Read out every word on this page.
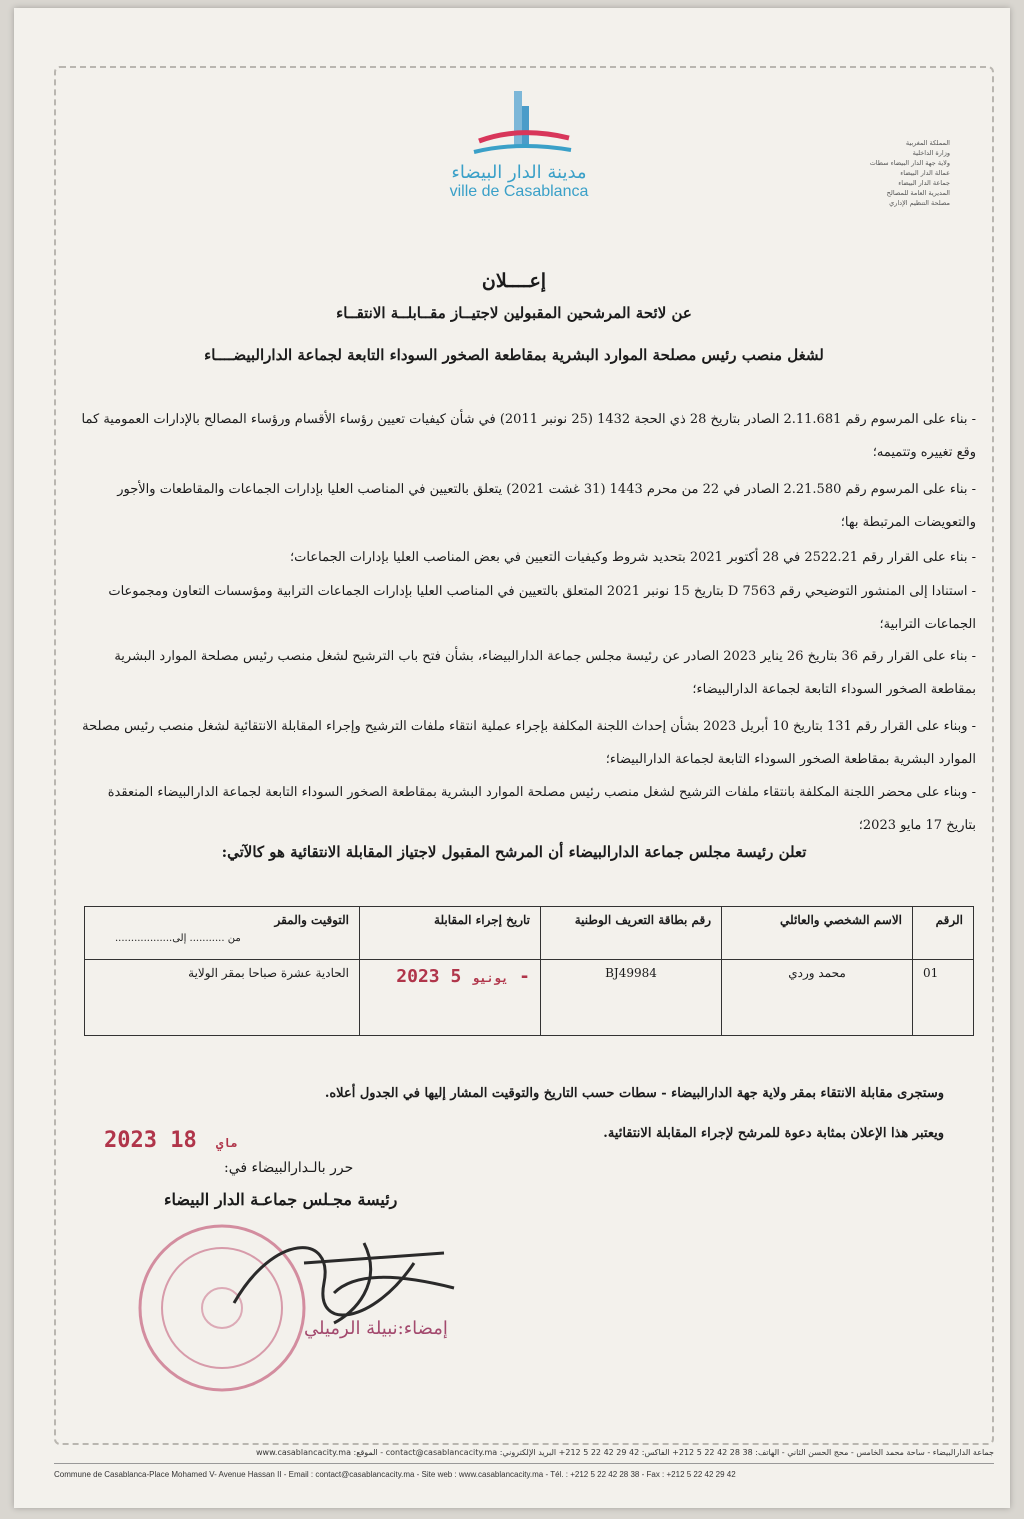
مدينة الدار البيضاء
ville de Casablanca
المملكة المغربية
وزارة الداخلية
ولاية جهة الدار البيضاء سطات
عمالة الدار البيضاء
جماعة الدار البيضاء
المديرية العامة للمصالح
مصلحة التنظيم الإداري
إعــــلان
عن لائحة المرشحين المقبولين لاجتيــاز مقــابلــة الانتقــاء
لشغل منصب رئيس مصلحة الموارد البشرية بمقاطعة الصخور السوداء التابعة لجماعة الدارالبيضــــاء
- بناء على المرسوم رقم 2.11.681 الصادر بتاريخ 28 ذي الحجة 1432 (25 نونبر 2011) في شأن كيفيات تعيين رؤساء الأقسام ورؤساء المصالح بالإدارات العمومية كما وقع تغييره وتتميمه؛
- بناء على المرسوم رقم 2.21.580 الصادر في 22 من محرم 1443 (31 غشت 2021) يتعلق بالتعيين في المناصب العليا بإدارات الجماعات والمقاطعات والأجور والتعويضات المرتبطة بها؛
- بناء على القرار رقم 2522.21 في 28 أكتوبر 2021 بتحديد شروط وكيفيات التعيين في بعض المناصب العليا بإدارات الجماعات؛
- استنادا إلى المنشور التوضيحي رقم D 7563 بتاريخ 15 نونبر 2021 المتعلق بالتعيين في المناصب العليا بإدارات الجماعات الترابية ومؤسسات التعاون ومجموعات الجماعات الترابية؛
- بناء على القرار رقم 36 بتاريخ 26 يناير 2023 الصادر عن رئيسة مجلس جماعة الدارالبيضاء، بشأن فتح باب الترشيح لشغل منصب رئيس مصلحة الموارد البشرية بمقاطعة الصخور السوداء التابعة لجماعة الدارالبيضاء؛
- وبناء على القرار رقم 131 بتاريخ 10 أبريل 2023 بشأن إحداث اللجنة المكلفة بإجراء عملية انتقاء ملفات الترشيح وإجراء المقابلة الانتقائية لشغل منصب رئيس مصلحة الموارد البشرية بمقاطعة الصخور السوداء التابعة لجماعة الدارالبيضاء؛
- وبناء على محضر اللجنة المكلفة بانتقاء ملفات الترشيح لشغل منصب رئيس مصلحة الموارد البشرية بمقاطعة الصخور السوداء التابعة لجماعة الدارالبيضاء المنعقدة بتاريخ 17 مايو 2023؛
تعلن رئيسة مجلس جماعة الدارالبيضاء أن المرشح المقبول لاجتياز المقابلة الانتقائية هو كالآتي:
الرقم	الاسم الشخصي والعائلي	رقم بطاقة التعريف الوطنية	تاريخ إجراء المقابلة	التوقيت والمقر
من ........... إلى..................

01	محمد وردي	BJ49984	2023 يونيو 5 -	الحادية عشرة صباحا بمقر الولاية
وستجرى مقابلة الانتقاء بمقر ولاية جهة الدارالبيضاء - سطات حسب التاريخ والتوقيت المشار إليها في الجدول أعلاه.
ويعتبر هذا الإعلان بمثابة دعوة للمرشح لإجراء المقابلة الانتقائية.
2023	ماي 18
حرر بالـدارالبيضاء في:
رئيسة مجـلس جماعـة الدار البيضاء
إمضاء:نبيلة الرميلي
جماعة الدارالبيضاء - ساحة محمد الخامس - محج الحسن الثاني - الهاتف: 38 28 42 22 5 212+ الفاكس: 42 29 42 22 5 212+ البريد الإلكتروني: contact@casablancacity.ma - الموقع: www.casablancacity.ma
Commune de Casablanca-Place Mohamed V- Avenue Hassan II - Email : contact@casablancacity.ma - Site web : www.casablancacity.ma - Tél. : +212 5 22 42 28 38 - Fax : +212 5 22 42 29 42
